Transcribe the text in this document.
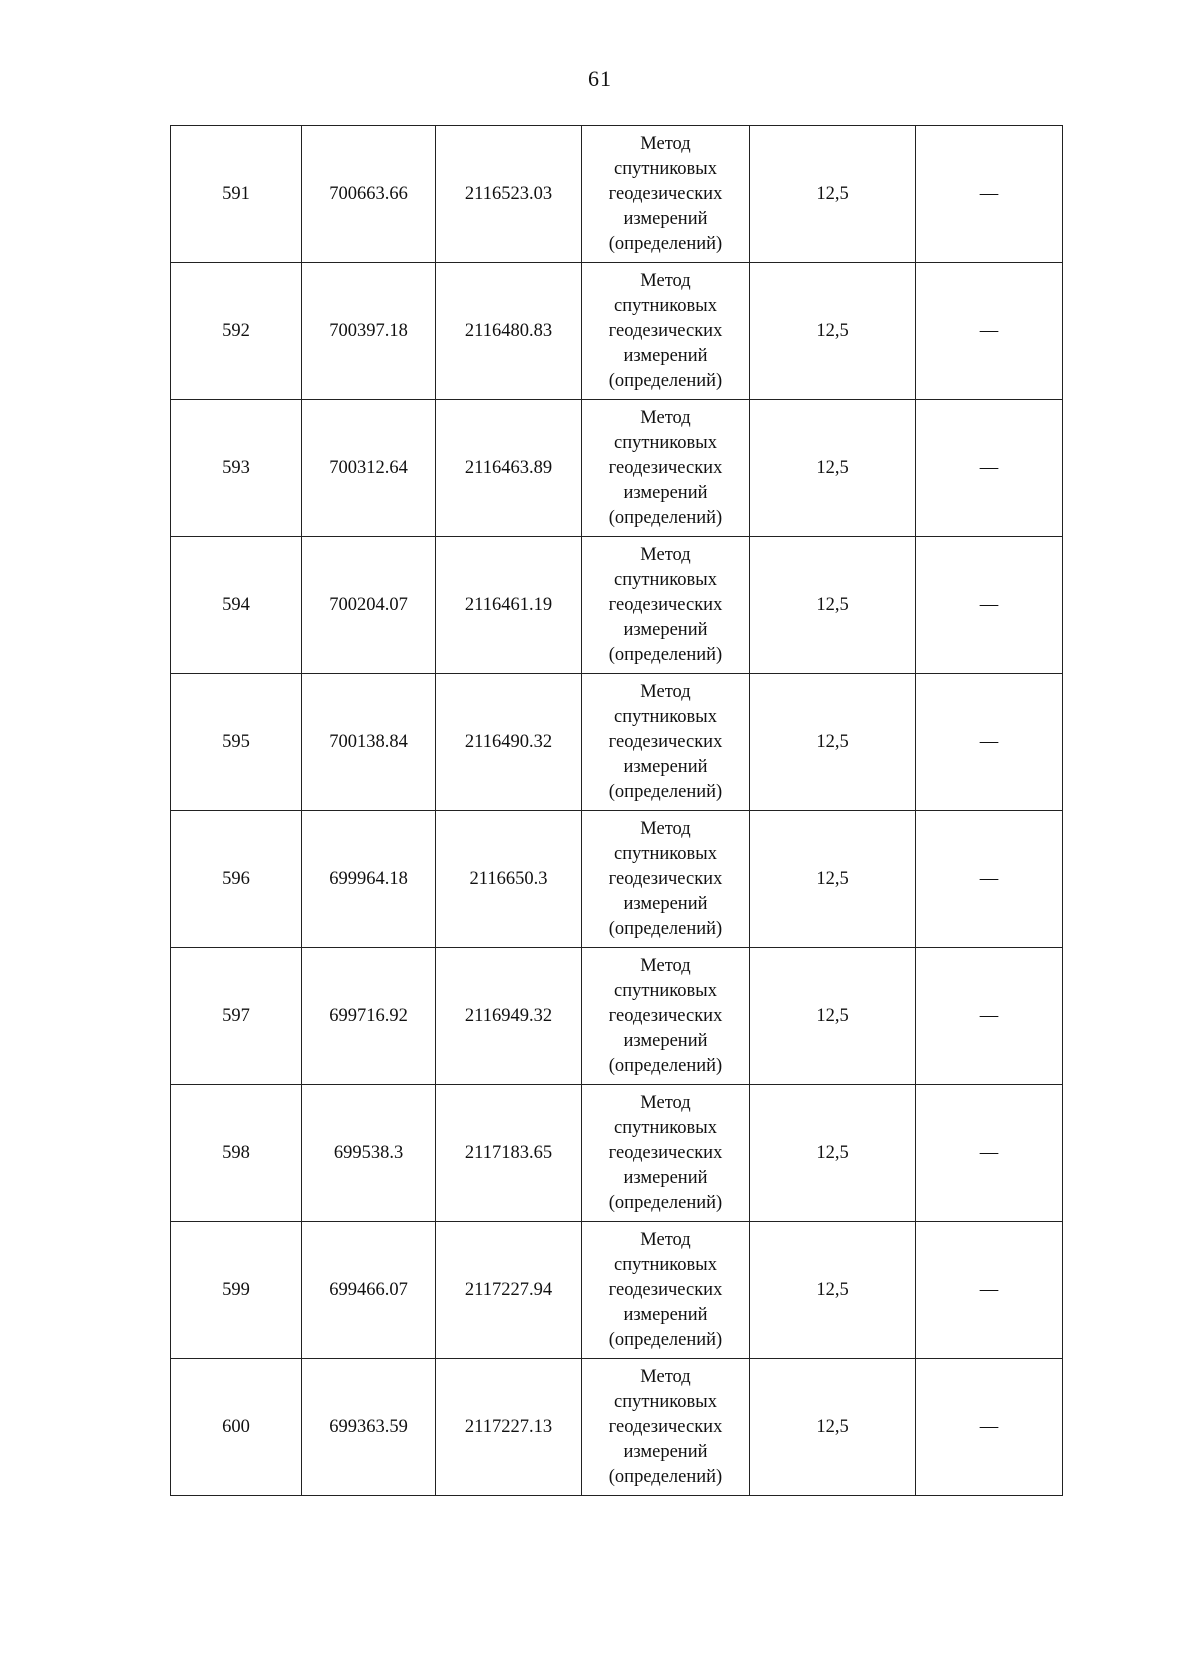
61
591	700663.66	2116523.03	Метод
спутниковых
геодезических
измерений
(определений)	12,5	—
592	700397.18	2116480.83	Метод
спутниковых
геодезических
измерений
(определений)	12,5	—
593	700312.64	2116463.89	Метод
спутниковых
геодезических
измерений
(определений)	12,5	—
594	700204.07	2116461.19	Метод
спутниковых
геодезических
измерений
(определений)	12,5	—
595	700138.84	2116490.32	Метод
спутниковых
геодезических
измерений
(определений)	12,5	—
596	699964.18	2116650.3	Метод
спутниковых
геодезических
измерений
(определений)	12,5	—
597	699716.92	2116949.32	Метод
спутниковых
геодезических
измерений
(определений)	12,5	—
598	699538.3	2117183.65	Метод
спутниковых
геодезических
измерений
(определений)	12,5	—
599	699466.07	2117227.94	Метод
спутниковых
геодезических
измерений
(определений)	12,5	—
600	699363.59	2117227.13	Метод
спутниковых
геодезических
измерений
(определений)	12,5	—
